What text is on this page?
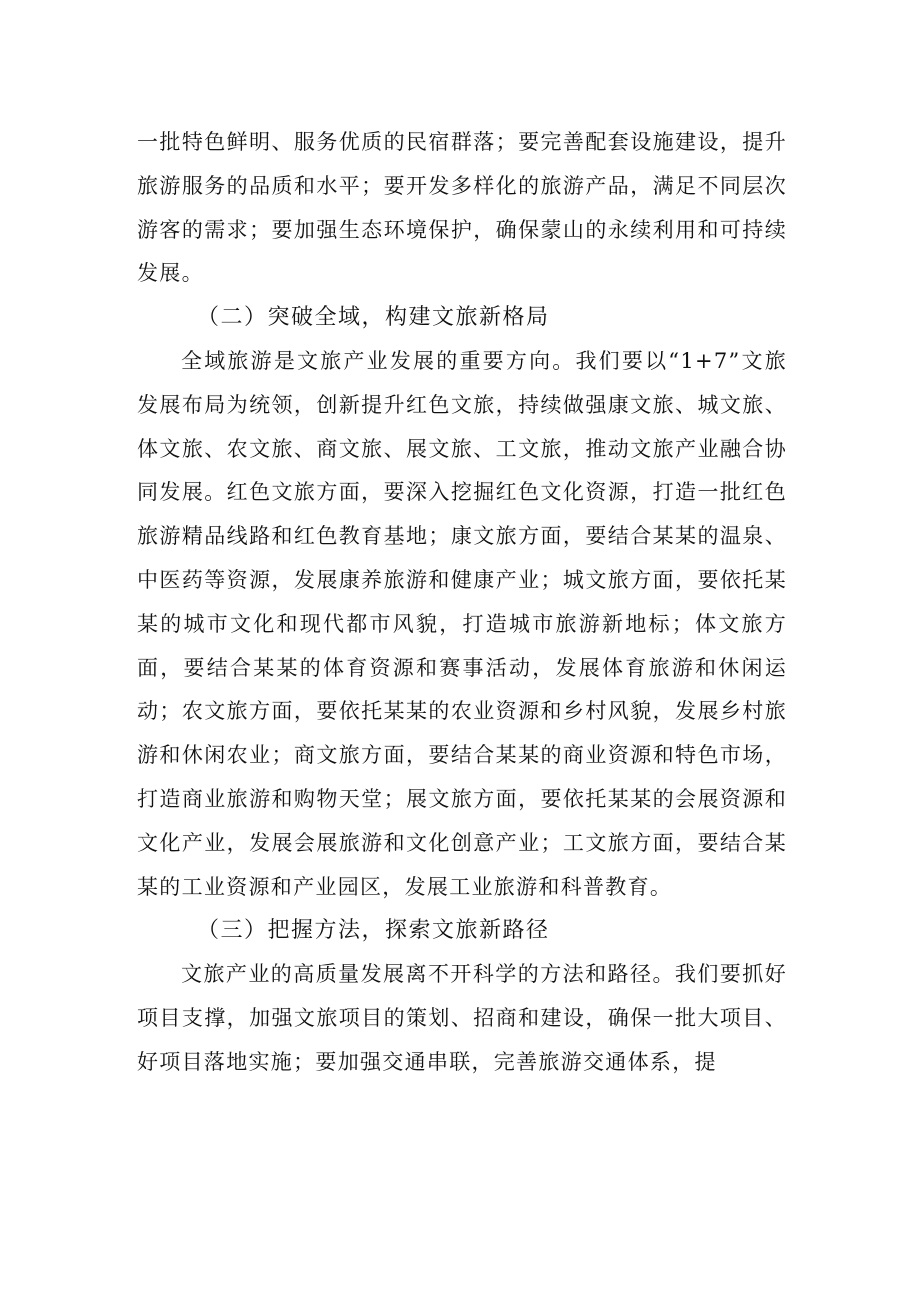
一批特色鲜明、服务优质的民宿群落；要完善配套设施建设，提升旅游服务的品质和水平；要开发多样化的旅游产品，满足不同层次游客的需求；要加强生态环境保护，确保蒙山的永续利用和可持续发展。

（二）突破全域，构建文旅新格局

全域旅游是文旅产业发展的重要方向。我们要以“1+7”文旅发展布局为统领，创新提升红色文旅，持续做强康文旅、城文旅、体文旅、农文旅、商文旅、展文旅、工文旅，推动文旅产业融合协同发展。红色文旅方面，要深入挖掘红色文化资源，打造一批红色旅游精品线路和红色教育基地；康文旅方面，要结合某某的温泉、中医药等资源，发展康养旅游和健康产业；城文旅方面，要依托某某的城市文化和现代都市风貌，打造城市旅游新地标；体文旅方面，要结合某某的体育资源和赛事活动，发展体育旅游和休闲运动；农文旅方面，要依托某某的农业资源和乡村风貌，发展乡村旅游和休闲农业；商文旅方面，要结合某某的商业资源和特色市场，打造商业旅游和购物天堂；展文旅方面，要依托某某的会展资源和文化产业，发展会展旅游和文化创意产业；工文旅方面，要结合某某的工业资源和产业园区，发展工业旅游和科普教育。

（三）把握方法，探索文旅新路径

文旅产业的高质量发展离不开科学的方法和路径。我们要抓好项目支撑，加强文旅项目的策划、招商和建设，确保一批大项目、好项目落地实施；要加强交通串联，完善旅游交通体系，提
